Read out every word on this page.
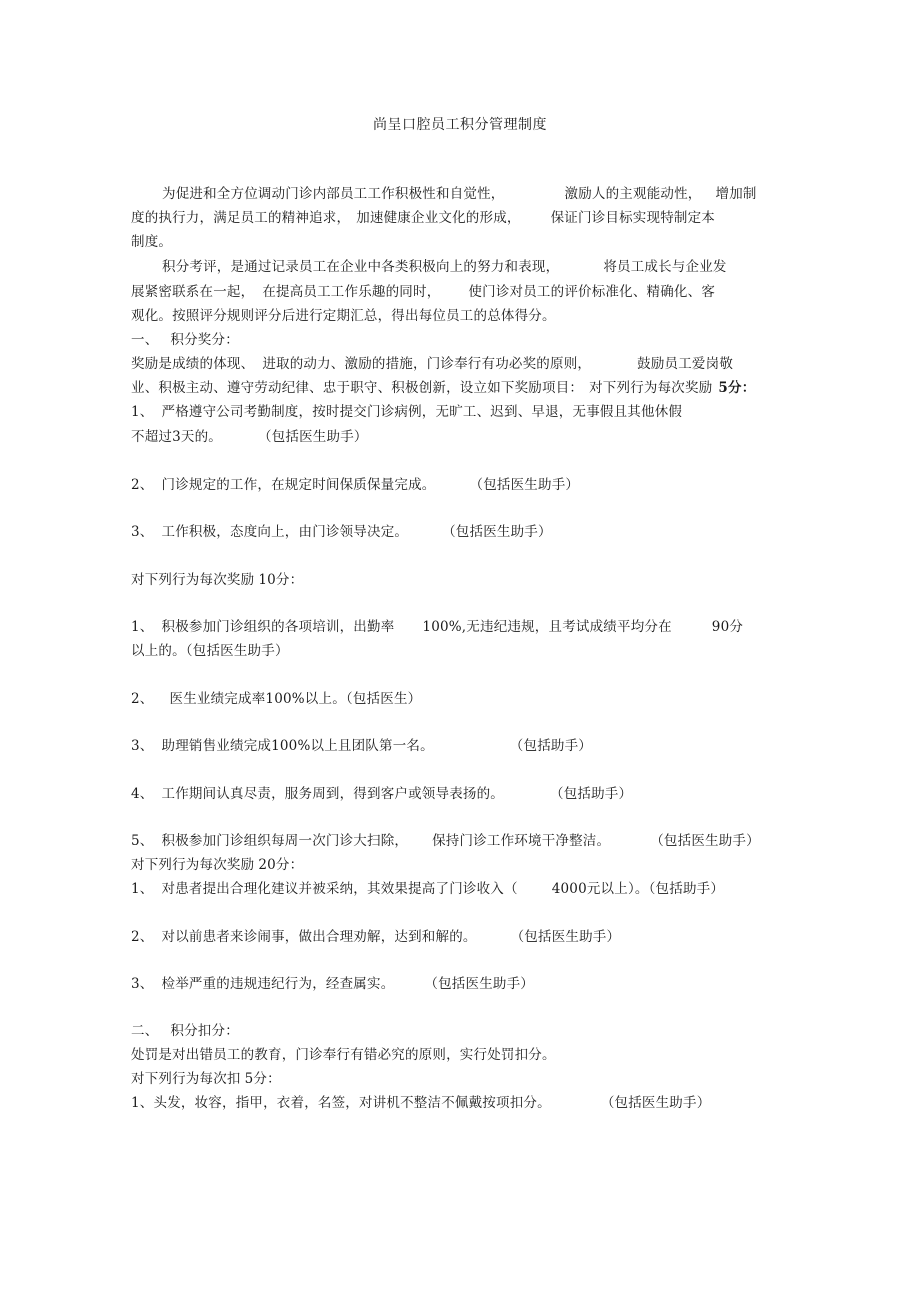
尚呈口腔员工积分管理制度
为促进和全方位调动门诊内部员工工作积极性和自觉性，	激励人的主观能动性， 增加制
度的执行力，满足员工的精神追求， 加速健康企业文化的形成， 保证门诊目标实现特制定本
制度。
积分考评，是通过记录员工在企业中各类积极向上的努力和表现，	将员工成长与企业发
展紧密联系在一起， 在提高员工工作乐趣的同时， 使门诊对员工的评价标准化、精确化、客
观化。按照评分规则评分后进行定期汇总，得出每位员工的总体得分。
一、 积分奖分：
奖励是成绩的体现、 进取的动力、激励的措施，门诊奉行有功必奖的原则，	鼓励员工爱岗敬
业、积极主动、遵守劳动纪律、忠于职守、积极创新，设立如下奖励项目： 对下列行为每次奖励 5分：
1、 严格遵守公司考勤制度，按时提交门诊病例，无旷工、迟到、早退，无事假且其他休假
不超过3天的。	（包括医生助手）
2、 门诊规定的工作，在规定时间保质保量完成。	（包括医生助手）
3、 工作积极，态度向上，由门诊领导决定。	（包括医生助手）
对下列行为每次奖励 10分：
1、 积极参加门诊组织的各项培训，出勤率 100%,无违纪违规，且考试成绩平均分在	90分
以上的。（包括医生助手）
2、 医生业绩完成率100%以上。（包括医生）
3、 助理销售业绩完成100%以上且团队第一名。	（包括助手）
4、 工作期间认真尽责，服务周到，得到客户或领导表扬的。	（包括助手）
5、 积极参加门诊组织每周一次门诊大扫除， 保持门诊工作环境干净整洁。	（包括医生助手）
对下列行为每次奖励 20分：
1、 对患者提出合理化建议并被采纳，其效果提高了门诊收入（	4000元以上）。（包括助手）
2、 对以前患者来诊闹事，做出合理劝解，达到和解的。	（包括医生助手）
3、 检举严重的违规违纪行为，经查属实。 （包括医生助手）
二、 积分扣分：
处罚是对出错员工的教育，门诊奉行有错必究的原则，实行处罚扣分。
对下列行为每次扣 5分：
1、头发，妆容，指甲，衣着，名签，对讲机不整洁不佩戴按项扣分。	（包括医生助手）
